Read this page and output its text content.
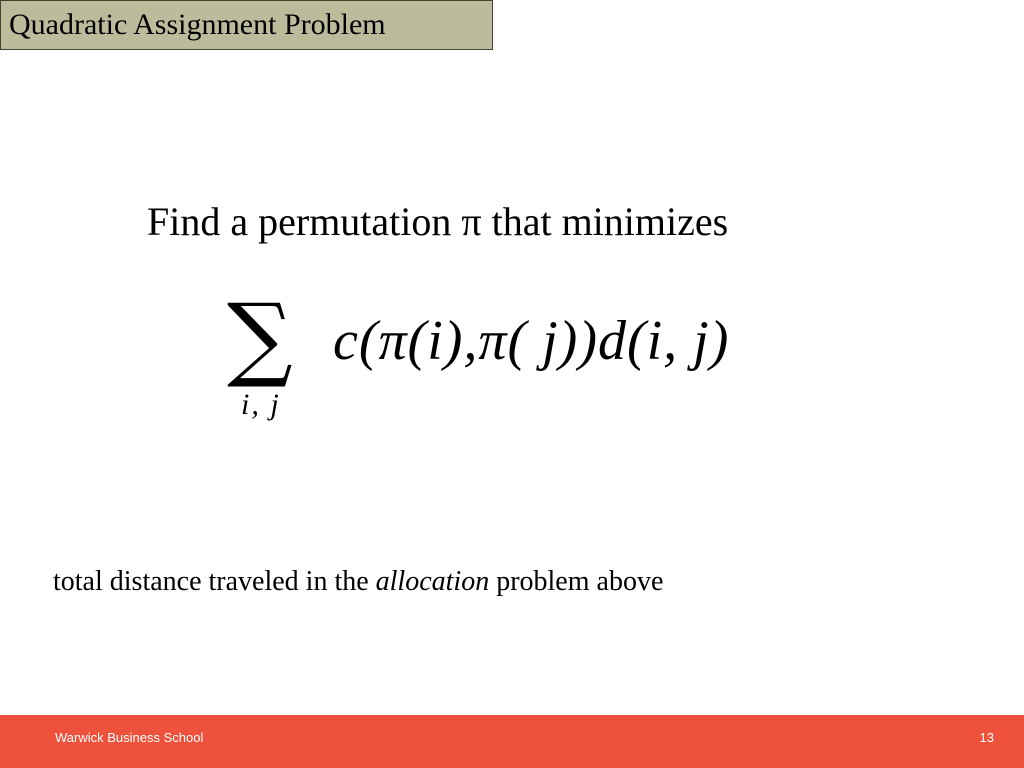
Quadratic Assignment Problem
Find a permutation π that minimizes
∑
i, j
c(π(i),π( j))d(i, j)
total distance traveled in the allocation problem above
Warwick Business School	13
